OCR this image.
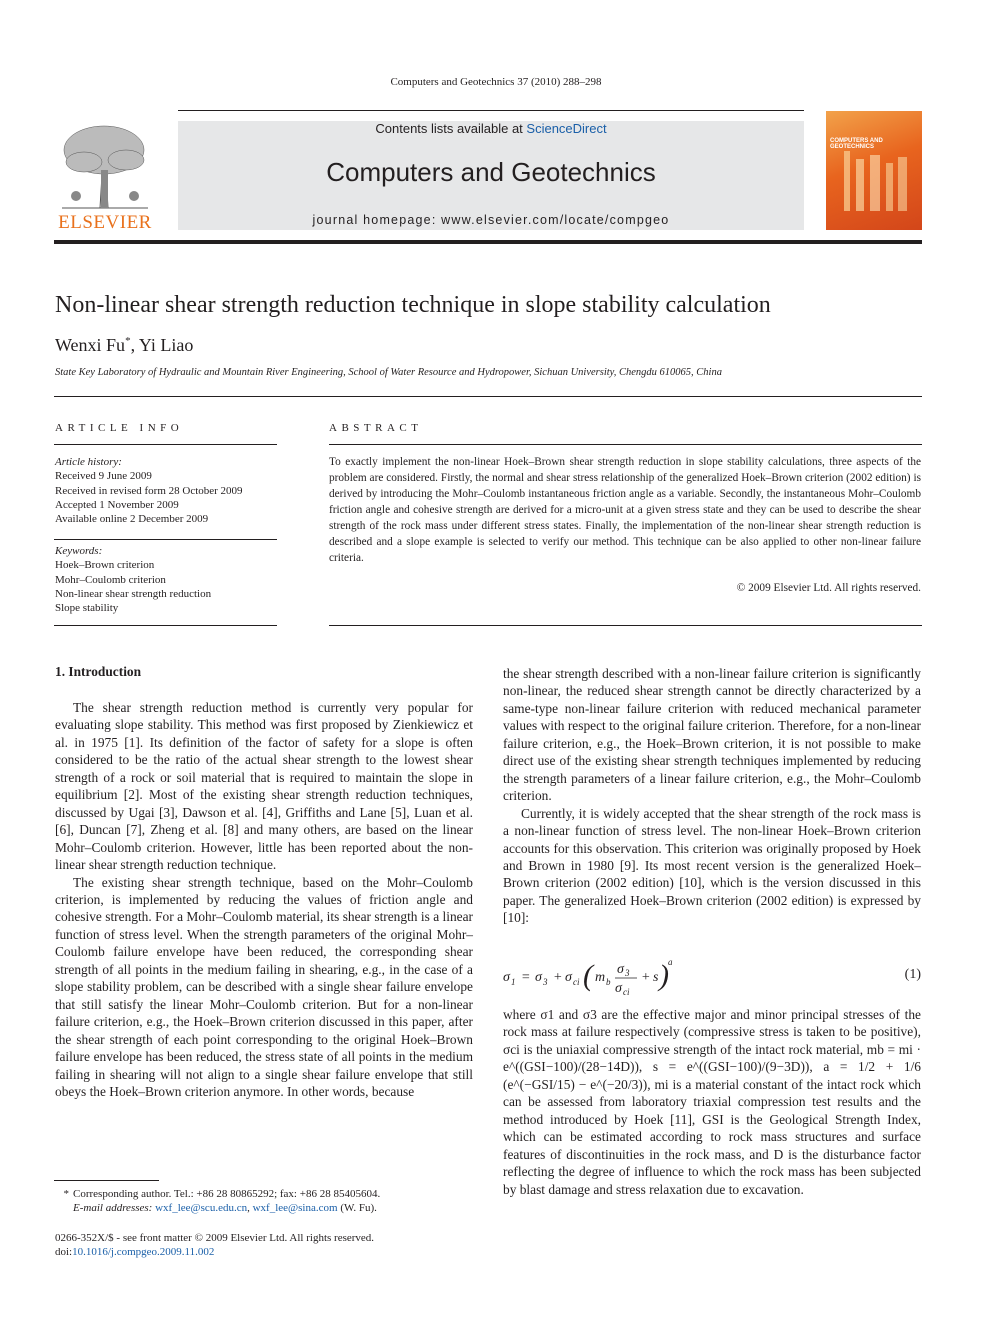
Computers and Geotechnics 37 (2010) 288–298
ELSEVIER
Contents lists available at ScienceDirect
Computers and Geotechnics
journal homepage: www.elsevier.com/locate/compgeo
COMPUTERS AND GEOTECHNICS
Non-linear shear strength reduction technique in slope stability calculation
Wenxi Fu*, Yi Liao
State Key Laboratory of Hydraulic and Mountain River Engineering, School of Water Resource and Hydropower, Sichuan University, Chengdu 610065, China
ARTICLE INFO
Article history:
Received 9 June 2009
Received in revised form 28 October 2009
Accepted 1 November 2009
Available online 2 December 2009
Keywords:
Hoek–Brown criterion
Mohr–Coulomb criterion
Non-linear shear strength reduction
Slope stability
ABSTRACT
To exactly implement the non-linear Hoek–Brown shear strength reduction in slope stability calculations, three aspects of the problem are considered. Firstly, the normal and shear stress relationship of the generalized Hoek–Brown criterion (2002 edition) is derived by introducing the Mohr–Coulomb instantaneous friction angle as a variable. Secondly, the instantaneous Mohr–Coulomb friction angle and cohesive strength are derived for a micro-unit at a given stress state and they can be used to describe the shear strength of the rock mass under different stress states. Finally, the implementation of the non-linear shear strength reduction is described and a slope example is selected to verify our method. This technique can be also applied to other non-linear failure criteria.
© 2009 Elsevier Ltd. All rights reserved.
1. Introduction

The shear strength reduction method is currently very popular for evaluating slope stability. This method was first proposed by Zienkiewicz et al. in 1975 [1]. Its definition of the factor of safety for a slope is often considered to be the ratio of the actual shear strength to the lowest shear strength of a rock or soil material that is required to maintain the slope in equilibrium [2]. Most of the existing shear strength reduction techniques, discussed by Ugai [3], Dawson et al. [4], Griffiths and Lane [5], Luan et al. [6], Duncan [7], Zheng et al. [8] and many others, are based on the linear Mohr–Coulomb criterion. However, little has been reported about the non-linear shear strength reduction technique.

The existing shear strength technique, based on the Mohr–Coulomb criterion, is implemented by reducing the values of friction angle and cohesive strength. For a Mohr–Coulomb material, its shear strength is a linear function of stress level. When the strength parameters of the original Mohr–Coulomb failure envelope have been reduced, the corresponding shear strength of all points in the medium failing in shearing, e.g., in the case of a slope stability problem, can be described with a single shear failure envelope that still satisfy the linear Mohr–Coulomb criterion. But for a non-linear failure criterion, e.g., the Hoek–Brown criterion discussed in this paper, after the shear strength of each point corresponding to the original Hoek–Brown failure envelope has been reduced, the stress state of all points in the medium failing in shearing will not align to a single shear failure envelope that still obeys the Hoek–Brown criterion anymore. In other words, because

the shear strength described with a non-linear failure criterion is significantly non-linear, the reduced shear strength cannot be directly characterized by a same-type non-linear failure criterion with reduced mechanical parameter values with respect to the original failure criterion. Therefore, for a non-linear failure criterion, e.g., the Hoek–Brown criterion, it is not possible to make direct use of the existing shear strength techniques implemented by reducing the strength parameters of a linear failure criterion, e.g., the Mohr–Coulomb criterion.

Currently, it is widely accepted that the shear strength of the rock mass is a non-linear function of stress level. The non-linear Hoek–Brown criterion accounts for this observation. This criterion was originally proposed by Hoek and Brown in 1980 [9]. Its most recent version is the generalized Hoek–Brown criterion (2002 edition) [10], which is the version discussed in this paper. The generalized Hoek–Brown criterion (2002 edition) is expressed by [10]:

σ 1 = σ 3 + σ ci ( m b
σ 3
σ ci
+ s ) a
(1)

where σ1 and σ3 are the effective major and minor principal stresses of the rock mass at failure respectively (compressive stress is taken to be positive), σci is the uniaxial compressive strength of the intact rock material, mb = mi · e^((GSI−100)/(28−14D)), s = e^((GSI−100)/(9−3D)), a = 1/2 + 1/6 (e^(−GSI/15) − e^(−20/3)), mi is a material constant of the intact rock which can be assessed from laboratory triaxial compression test results and the method introduced by Hoek [11], GSI is the Geological Strength Index, which can be estimated according to rock mass structures and surface features of discontinuities in the rock mass, and D is the disturbance factor reflecting the degree of influence to which the rock mass has been subjected by blast damage and stress relaxation due to excavation.

* Corresponding author. Tel.: +86 28 80865292; fax: +86 28 85405604.
E-mail addresses: wxf_lee@scu.edu.cn, wxf_lee@sina.com (W. Fu).
0266-352X/$ - see front matter © 2009 Elsevier Ltd. All rights reserved.
doi:10.1016/j.compgeo.2009.11.002
